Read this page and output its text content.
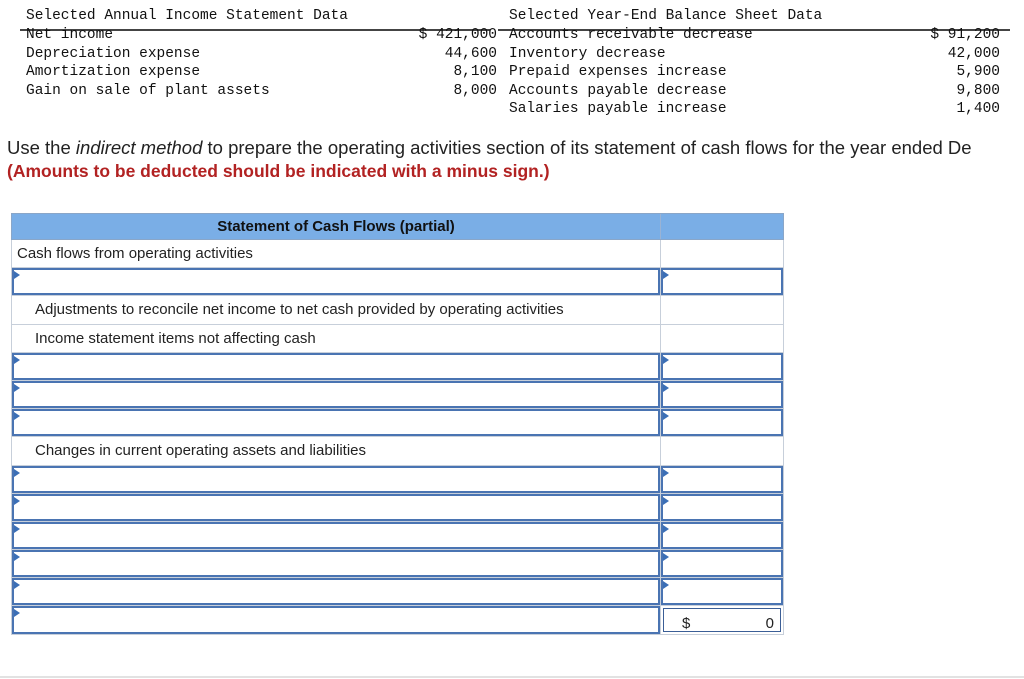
Selected Annual Income Statement Data	Selected Year-End Balance Sheet Data
Net income	$ 421,000
Depreciation expense	44,600
Amortization expense	8,100
Gain on sale of plant assets	8,000
Accounts receivable decrease	$ 91,200
Inventory decrease	42,000
Prepaid expenses increase	5,900
Accounts payable decrease	9,800
Salaries payable increase	1,400
Use the indirect method to prepare the operating activities section of its statement of cash flows for the year ended De
(Amounts to be deducted should be indicated with a minus sign.)
Statement of Cash Flows (partial)
Cash flows from operating activities
Adjustments to reconcile net income to net cash provided by operating activities
Income statement items not affecting cash
Changes in current operating assets and liabilities
$	0
